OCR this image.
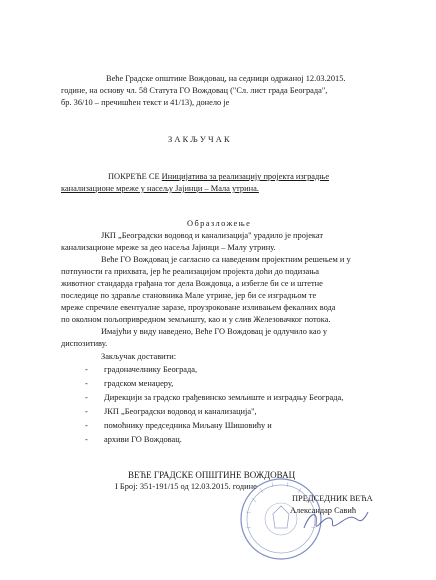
Веће Градске општине Вождовац, на седници одржаној 12.03.2015.
године, на основу чл. 58 Статута ГО Вождовац ("Сл. лист града Београда",
бр. 36/10 – пречишћен текст и 41/13), донело је
ЗАКЉУЧАК
ПОКРЕЋЕ СЕ Иницијатива за реализацију пројекта изградње
канализационе мреже у насељу Јајинци – Мала утрина.
Образложење
ЈКП „Београдски водовод и канализација" урадило је пројекат
канализационе мреже за део насеља Јајинци – Малу утрину.
Веће ГО Вождовац је сагласно са наведеним пројектним решењем и у
потпуности га прихвата, јер ће реализацијом пројекта доћи до подизања
животног стандарда грађана тог дела Вождовца, а избегле би се и штетне
последице по здравље становника Мале утрине, јер би се изградњом те
мреже спречиле евентуалне заразе, проузроковане изливањем фекалних вода
по околном пољопривредном земљишту, као и у слив Железовачког потока.
Имајући у виду наведено, Веће ГО Вождовац је одлучило као у
диспозитиву.
Закључак доставити:
- градоначелнику Београда,
- градском менаџеру,
- Дирекцији за градско грађевинско земљиште и изградњу Београда,
- ЈКП „Београдски водовод и канализација",
- помоћнику председника Миљану Шишовићу и
- архиви ГО Вождовац.
ВЕЋЕ ГРАДСКЕ ОПШТИНЕ ВОЖДОВАЦ
I Број: 351-191/15 од 12.03.2015. године
ПРЕДСЕДНИК ВЕЋА
Александар Савић
